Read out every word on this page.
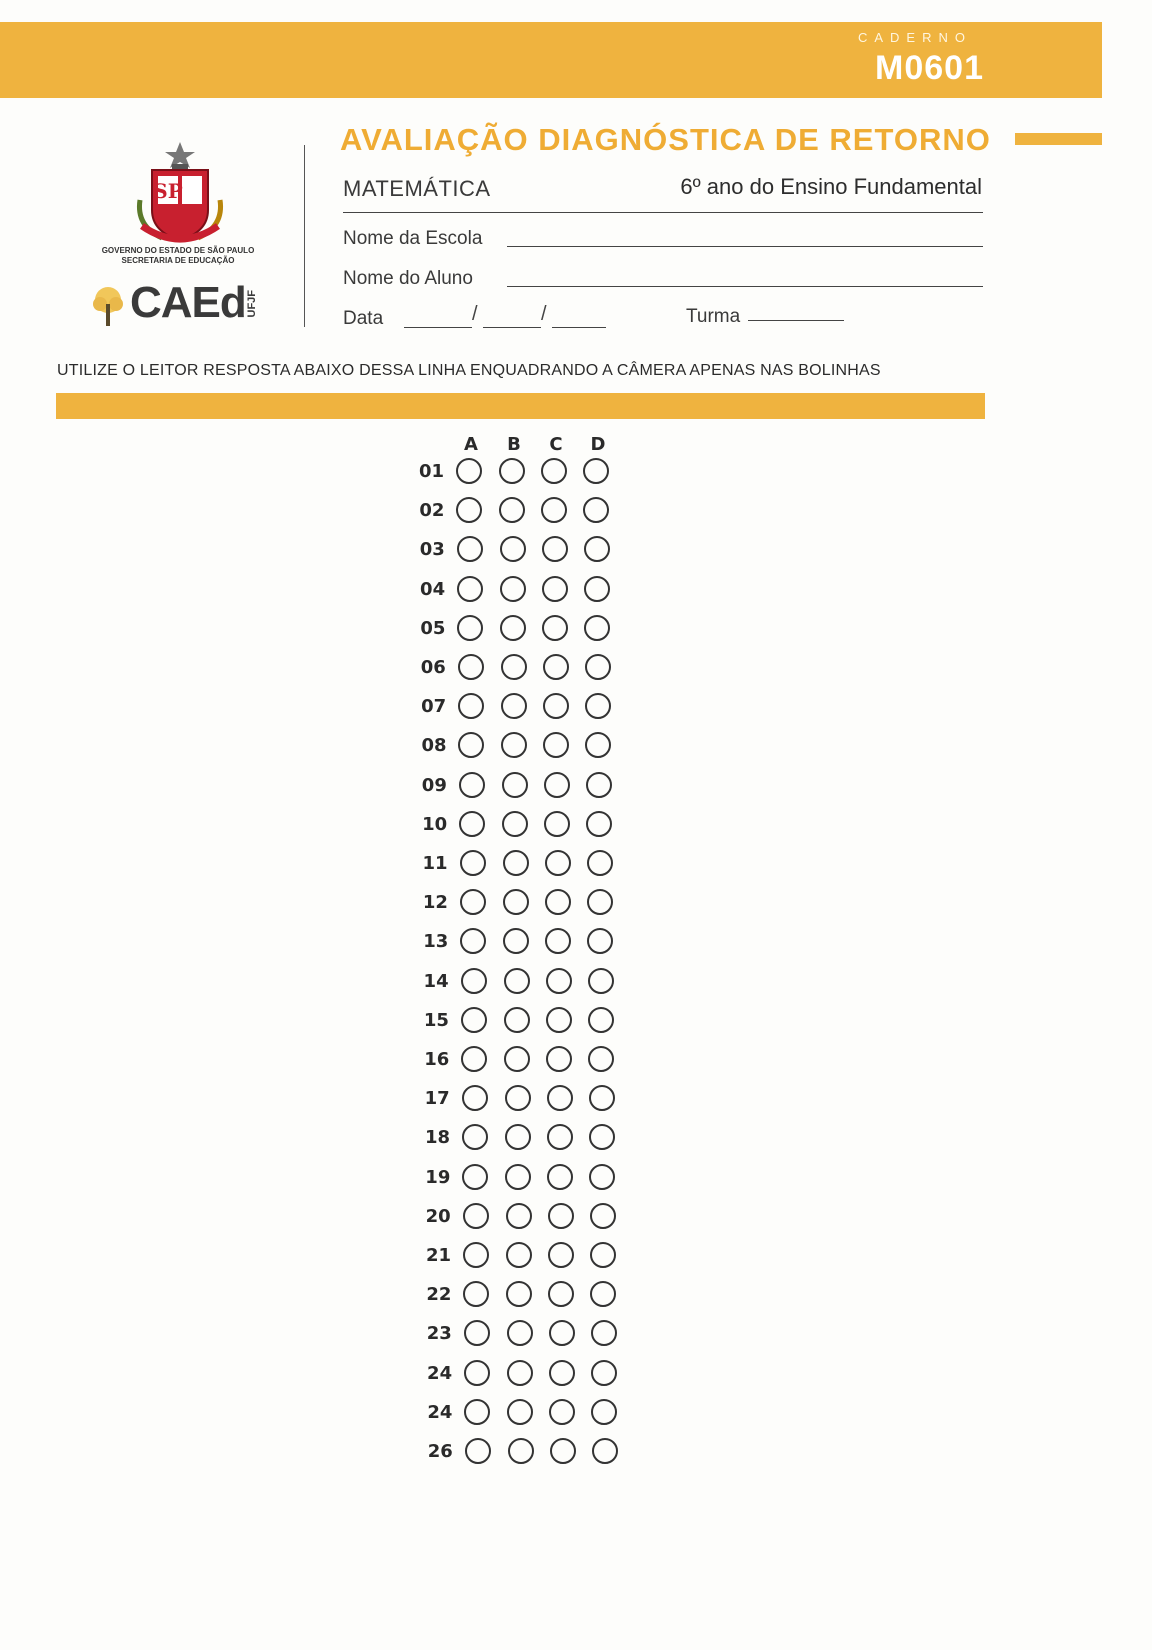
CADERNO
M0601
SP
GOVERNO DO ESTADO DE SÃO PAULO
SECRETARIA DE EDUCAÇÃO
CAEd UFJF
AVALIAÇÃO DIAGNÓSTICA DE RETORNO
MATEMÁTICA	6º ano do Ensino Fundamental
Nome da Escola
Nome do Aluno
Data	/	/	Turma
UTILIZE O LEITOR RESPOSTA ABAIXO DESSA LINHA ENQUADRANDO A CÂMERA APENAS NAS BOLINHAS
A	B	C	D
01
02
03
04
05
06
07
08
09
10
11
12
13
14
15
16
17
18
19
20
21
22
23
24
24
26
